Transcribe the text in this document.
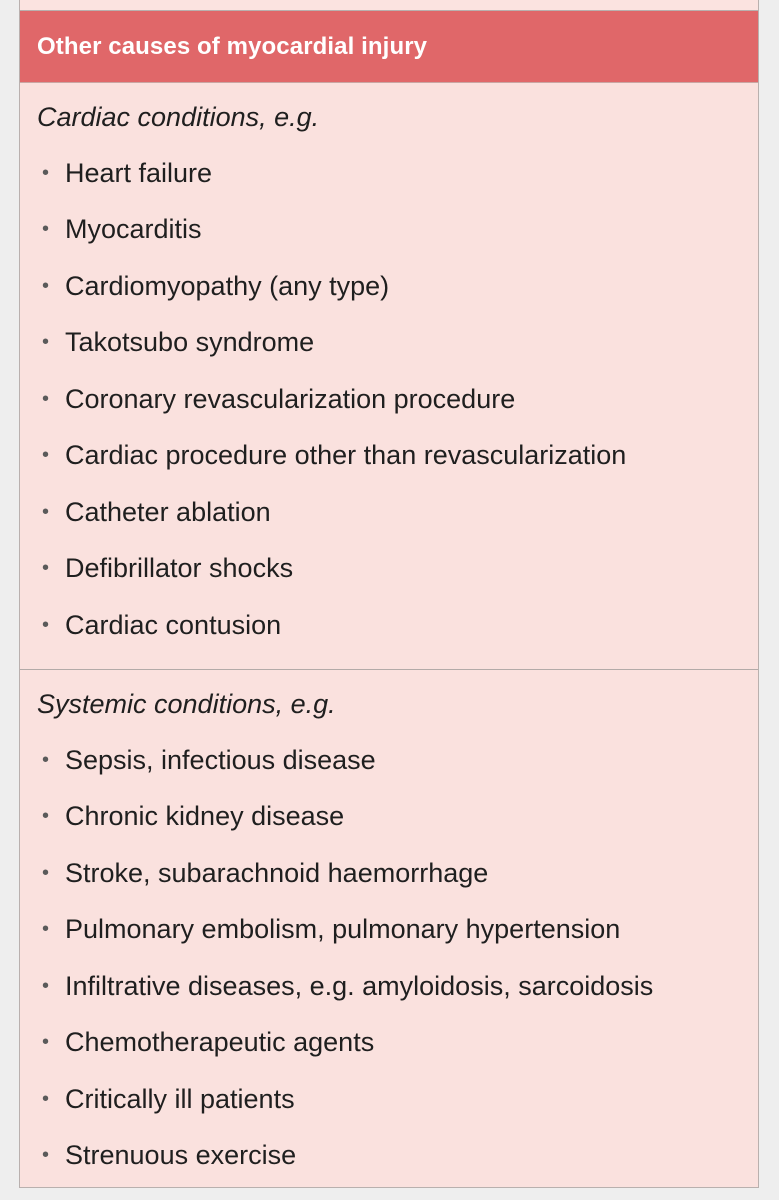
Other causes of myocardial injury
Cardiac conditions, e.g.
• Heart failure
• Myocarditis
• Cardiomyopathy (any type)
• Takotsubo syndrome
• Coronary revascularization procedure
• Cardiac procedure other than revascularization
• Catheter ablation
• Defibrillator shocks
• Cardiac contusion
Systemic conditions, e.g.
• Sepsis, infectious disease
• Chronic kidney disease
• Stroke, subarachnoid haemorrhage
• Pulmonary embolism, pulmonary hypertension
• Infiltrative diseases, e.g. amyloidosis, sarcoidosis
• Chemotherapeutic agents
• Critically ill patients
• Strenuous exercise
